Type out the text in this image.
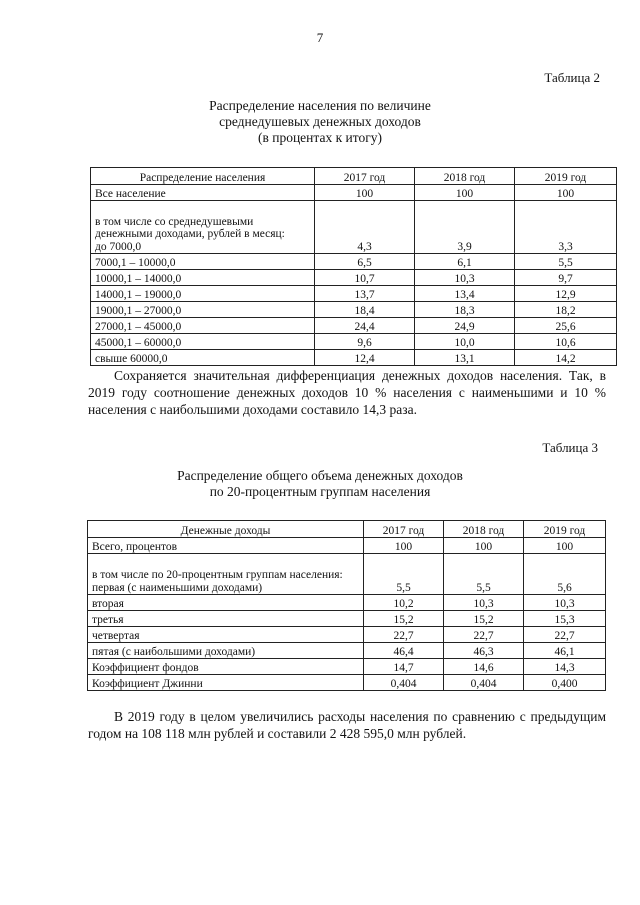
7
Таблица 2
Распределение населения по величине
среднедушевых денежных доходов
(в процентах к итогу)
Распределение населения	2017 год	2018 год	2019 год
Все население	100	100	100
в том числе со среднедушевыми денежными доходами, рублей в месяц:
до 7000,0	4,3	3,9	3,3
7000,1 – 10000,0	6,5	6,1	5,5
10000,1 – 14000,0	10,7	10,3	9,7
14000,1 – 19000,0	13,7	13,4	12,9
19000,1 – 27000,0	18,4	18,3	18,2
27000,1 – 45000,0	24,4	24,9	25,6
45000,1 – 60000,0	9,6	10,0	10,6
свыше 60000,0	12,4	13,1	14,2
Сохраняется значительная дифференциация денежных доходов населения. Так, в 2019 году соотношение денежных доходов 10 % населения с наименьшими и 10 % населения с наибольшими доходами составило 14,3 раза.
Таблица 3
Распределение общего объема денежных доходов
по 20-процентным группам населения
Денежные доходы	2017 год	2018 год	2019 год
Всего, процентов	100	100	100
в том числе по 20-процентным группам населения:
первая (с наименьшими доходами)	5,5	5,5	5,6
вторая	10,2	10,3	10,3
третья	15,2	15,2	15,3
четвертая	22,7	22,7	22,7
пятая (с наибольшими доходами)	46,4	46,3	46,1
Коэффициент фондов	14,7	14,6	14,3
Коэффициент Джинни	0,404	0,404	0,400
В 2019 году в целом увеличились расходы населения по сравнению с предыдущим годом на 108 118 млн рублей и составили 2 428 595,0 млн рублей.
